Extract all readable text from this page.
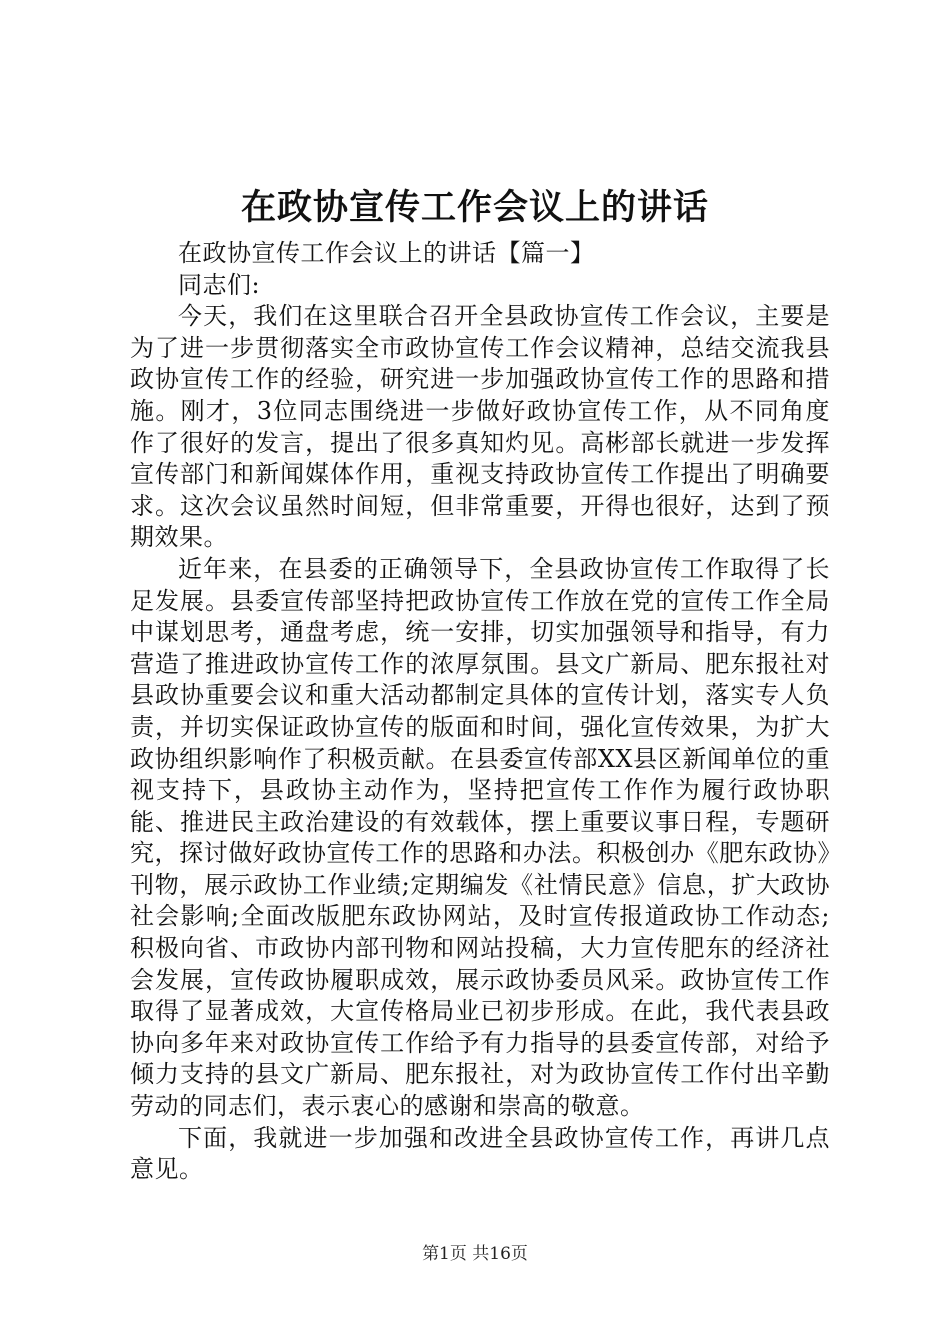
在政协宣传工作会议上的讲话

在政协宣传工作会议上的讲话【篇一】

同志们:

今天，我们在这里联合召开全县政协宣传工作会议，主要是为了进一步贯彻落实全市政协宣传工作会议精神，总结交流我县政协宣传工作的经验，研究进一步加强政协宣传工作的思路和措施。刚才，3位同志围绕进一步做好政协宣传工作，从不同角度作了很好的发言，提出了很多真知灼见。高彬部长就进一步发挥宣传部门和新闻媒体作用，重视支持政协宣传工作提出了明确要求。这次会议虽然时间短，但非常重要，开得也很好，达到了预期效果。

近年来，在县委的正确领导下，全县政协宣传工作取得了长足发展。县委宣传部坚持把政协宣传工作放在党的宣传工作全局中谋划思考，通盘考虑，统一安排，切实加强领导和指导，有力营造了推进政协宣传工作的浓厚氛围。县文广新局、肥东报社对县政协重要会议和重大活动都制定具体的宣传计划，落实专人负责，并切实保证政协宣传的版面和时间，强化宣传效果，为扩大政协组织影响作了积极贡献。在县委宣传部XX县区新闻单位的重视支持下，县政协主动作为，坚持把宣传工作作为履行政协职能、推进民主政治建设的有效载体，摆上重要议事日程，专题研究，探讨做好政协宣传工作的思路和办法。积极创办《肥东政协》刊物，展示政协工作业绩;定期编发《社情民意》信息，扩大政协社会影响;全面改版肥东政协网站，及时宣传报道政协工作动态;积极向省、市政协内部刊物和网站投稿，大力宣传肥东的经济社会发展，宣传政协履职成效，展示政协委员风采。政协宣传工作取得了显著成效，大宣传格局业已初步形成。在此，我代表县政协向多年来对政协宣传工作给予有力指导的县委宣传部，对给予倾力支持的县文广新局、肥东报社，对为政协宣传工作付出辛勤劳动的同志们，表示衷心的感谢和崇高的敬意。

下面，我就进一步加强和改进全县政协宣传工作，再讲几点意见。

第1页 共16页
